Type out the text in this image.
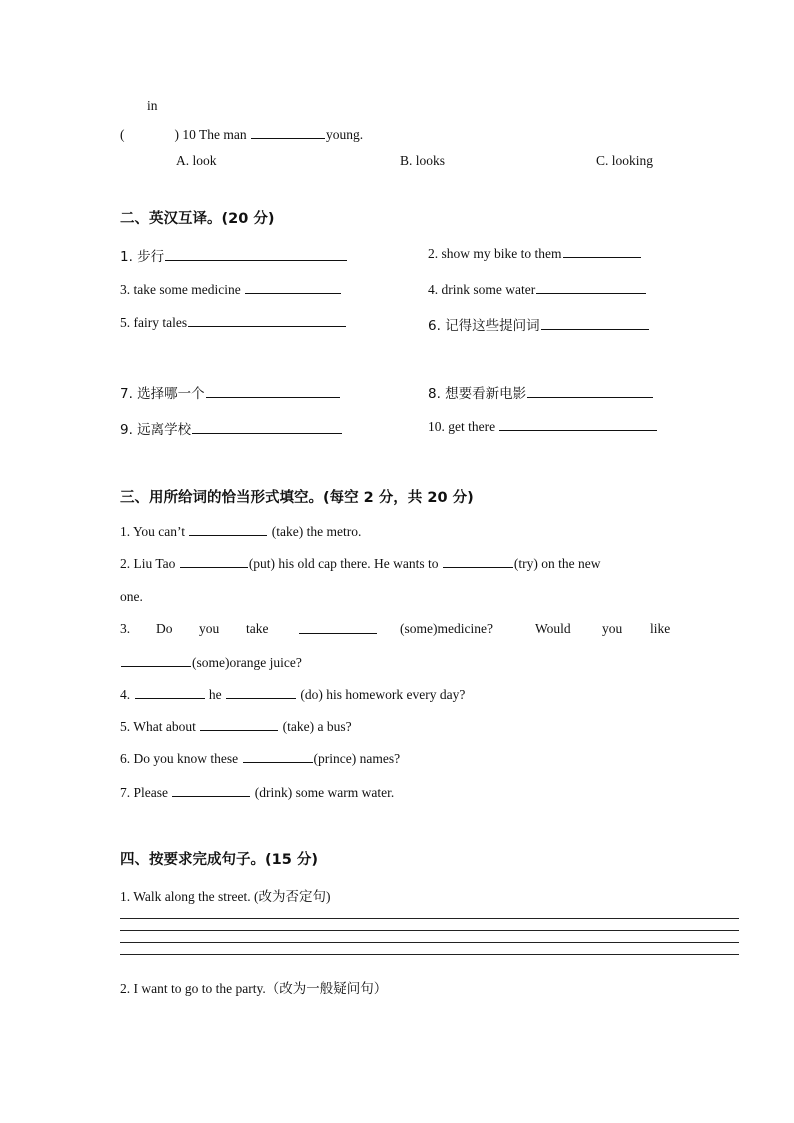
in
(	) 10 The man	young.
A. look	B. looks	C. looking
二、英汉互译。(20 分)
1. 步行	2. show my bike to them
3. take some medicine	4. drink some water
5. fairy tales	6. 记得这些提问词
7. 选择哪一个	8. 想要看新电影
9. 远离学校	10. get there
三、用所给词的恰当形式填空。(每空 2 分，共 20 分)
1. You can’t	(take) the metro.
2. Liu Tao	(put) his old cap there. He wants to	(try) on the new
one.
3. Do you take	(some)medicine?	Would you like
(some)orange juice?
4.	he	(do) his homework every day?
5. What about	(take) a bus?
6. Do you know these	(prince) names?
7. Please	(drink) some warm water.
四、按要求完成句子。(15 分)
1. Walk along the street. (改为否定句)
2. I want to go to the party.（改为一般疑问句）
